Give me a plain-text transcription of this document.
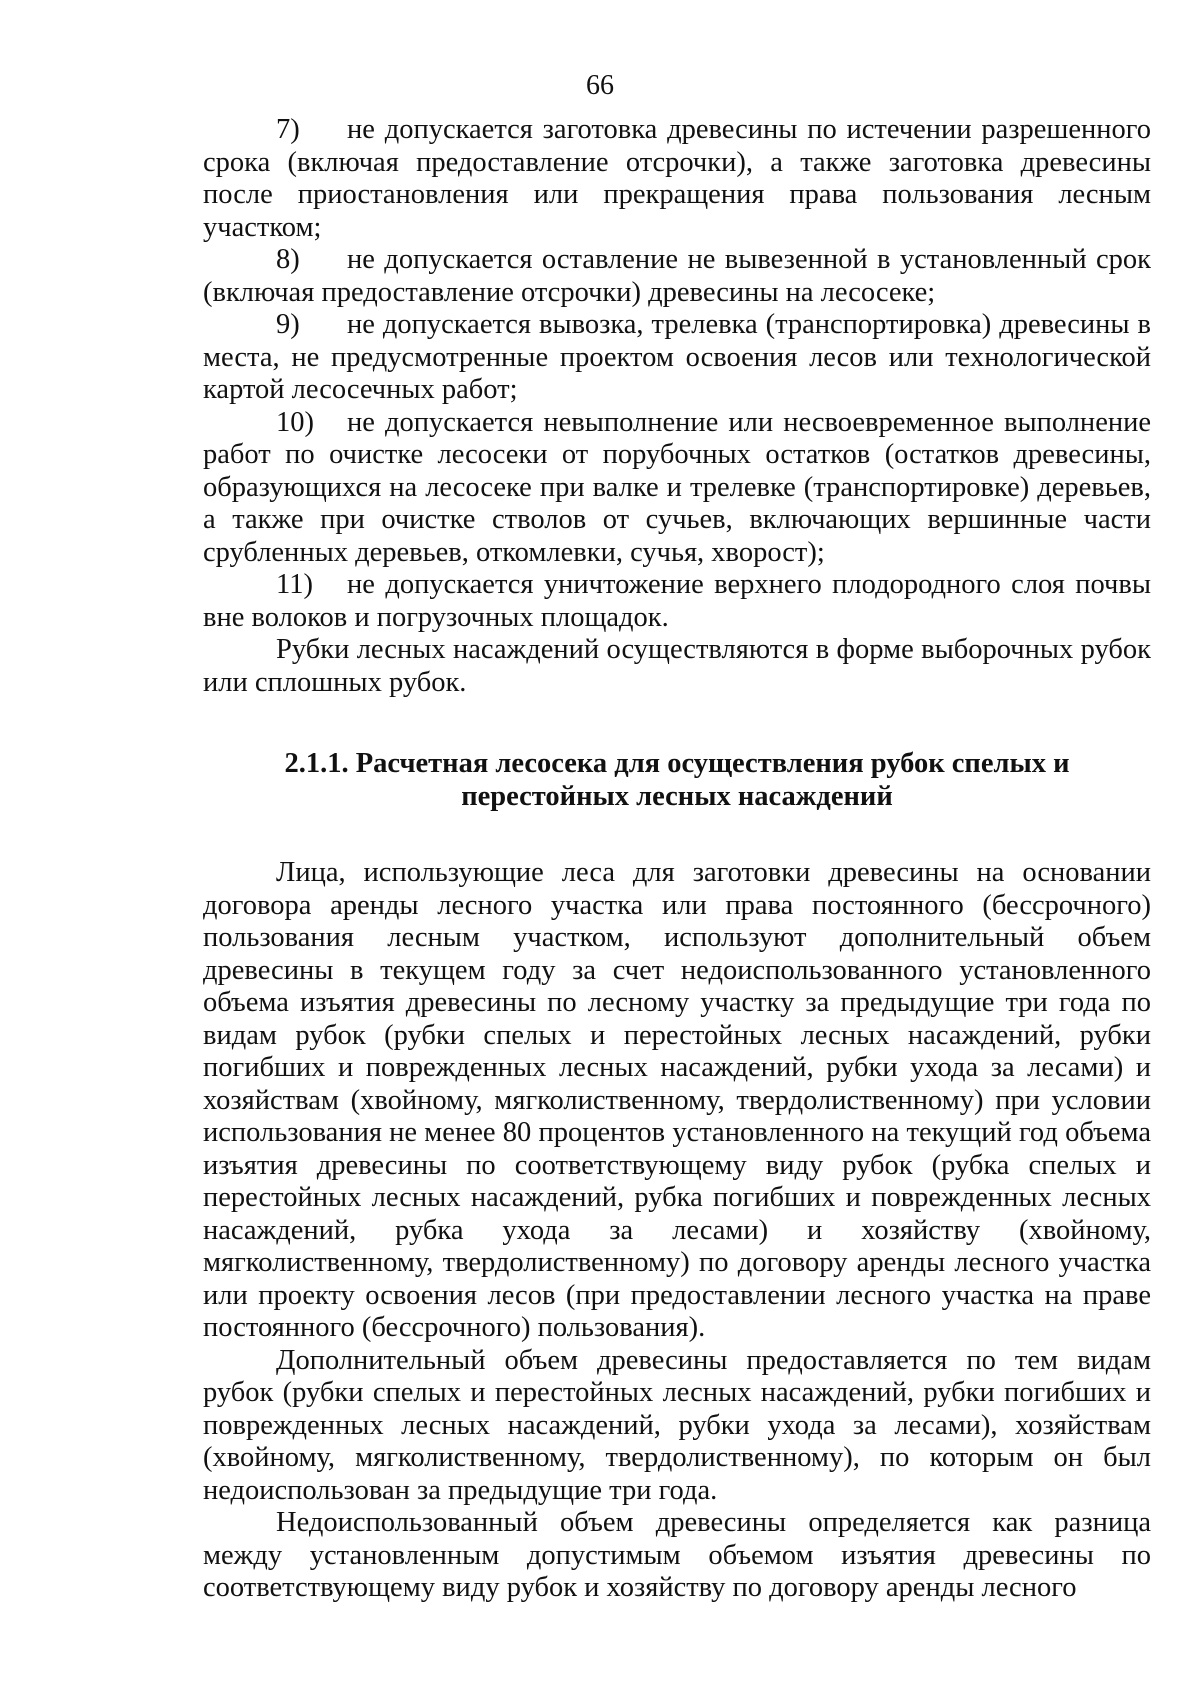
66

7) не допускается заготовка древесины по истечении разрешенного срока (включая предоставление отсрочки), а также заготовка древесины после приостановления или прекращения права пользования лесным участком;

8) не допускается оставление не вывезенной в установленный срок (включая предоставление отсрочки) древесины на лесосеке;

9) не допускается вывозка, трелевка (транспортировка) древесины в места, не предусмотренные проектом освоения лесов или технологической картой лесосечных работ;

10) не допускается невыполнение или несвоевременное выполнение работ по очистке лесосеки от порубочных остатков (остатков древесины, образующихся на лесосеке при валке и трелевке (транспортировке) деревьев, а также при очистке стволов от сучьев, включающих вершинные части срубленных деревьев, откомлевки, сучья, хворост);

11) не допускается уничтожение верхнего плодородного слоя почвы вне волоков и погрузочных площадок.

Рубки лесных насаждений осуществляются в форме выборочных рубок или сплошных рубок.

2.1.1. Расчетная лесосека для осуществления рубок спелых и перестойных лесных насаждений

Лица, использующие леса для заготовки древесины на основании договора аренды лесного участка или права постоянного (бессрочного) пользования лесным участком, используют дополнительный объем древесины в текущем году за счет недоиспользованного установленного объема изъятия древесины по лесному участку за предыдущие три года по видам рубок (рубки спелых и перестойных лесных насаждений, рубки погибших и поврежденных лесных насаждений, рубки ухода за лесами) и хозяйствам (хвойному, мягколиственному, твердолиственному) при условии использования не менее 80 процентов установленного на текущий год объема изъятия древесины по соответствующему виду рубок (рубка спелых и перестойных лесных насаждений, рубка погибших и поврежденных лесных насаждений, рубка ухода за лесами) и хозяйству (хвойному, мягколиственному, твердолиственному) по договору аренды лесного участка или проекту освоения лесов (при предоставлении лесного участка на праве постоянного (бессрочного) пользования).

Дополнительный объем древесины предоставляется по тем видам рубок (рубки спелых и перестойных лесных насаждений, рубки погибших и поврежденных лесных насаждений, рубки ухода за лесами), хозяйствам (хвойному, мягколиственному, твердолиственному), по которым он был недоиспользован за предыдущие три года.

Недоиспользованный объем древесины определяется как разница между установленным допустимым объемом изъятия древесины по соответствующему виду рубок и хозяйству по договору аренды лесного
